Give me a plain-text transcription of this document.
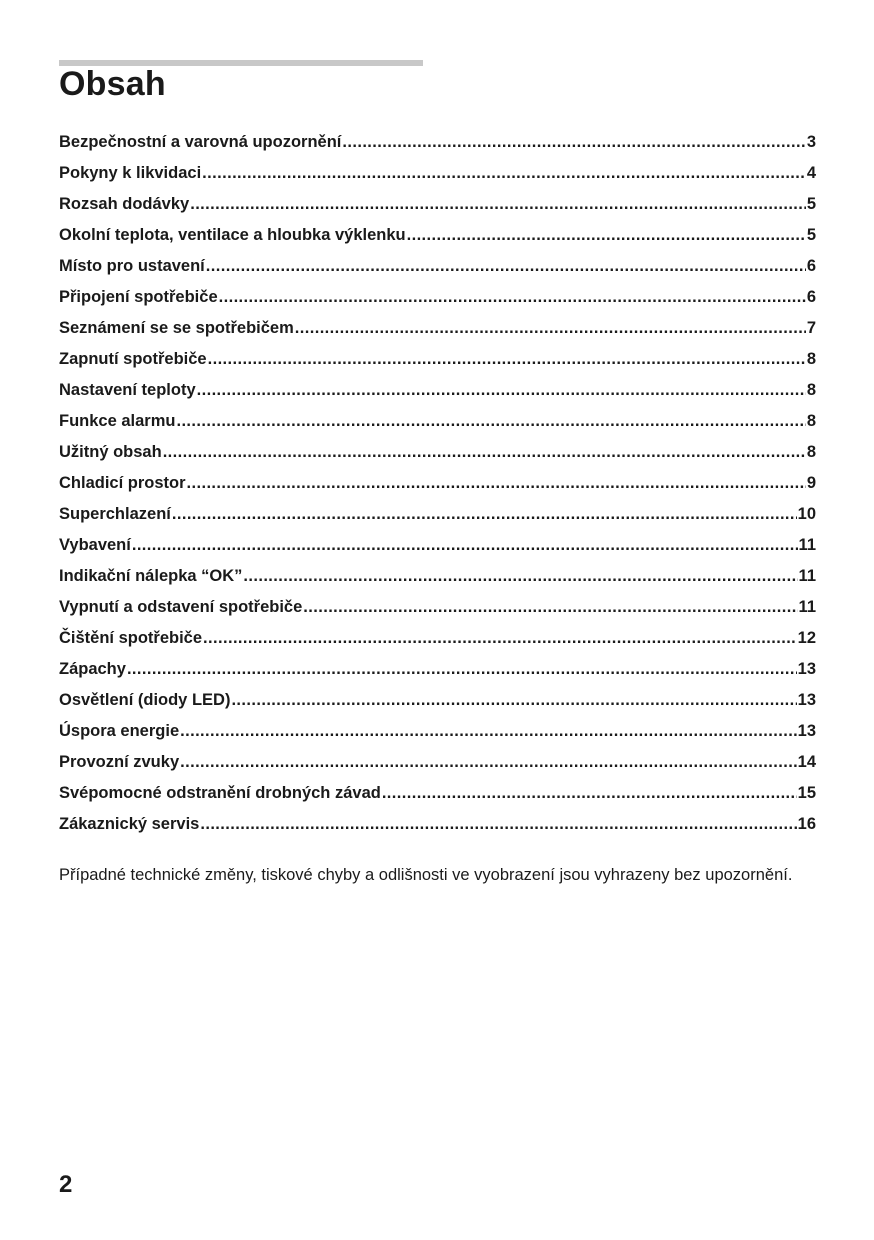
Obsah
Bezpečnostní a varovná upozornění .....	3
Pokyny k likvidaci .....	4
Rozsah dodávky .....	5
Okolní teplota, ventilace a hloubka výklenku .....	5
Místo pro ustavení .....	6
Připojení spotřebiče .....	6
Seznámení se se spotřebičem .....	7
Zapnutí spotřebiče .....	8
Nastavení teploty .....	8
Funkce alarmu .....	8
Užitný obsah .....	8
Chladicí prostor .....	9
Superchlazení .....	10
Vybavení .....	11
Indikační nálepka “OK” .....	11
Vypnutí a odstavení spotřebiče .....	11
Čištění spotřebiče .....	12
Zápachy .....	13
Osvětlení (diody LED) .....	13
Úspora energie .....	13
Provozní zvuky .....	14
Svépomocné odstranění drobných závad .....	15
Zákaznický servis .....	16

Případné technické změny, tiskové chyby a odlišnosti ve vyobrazení jsou vyhrazeny bez upozornění.

2
